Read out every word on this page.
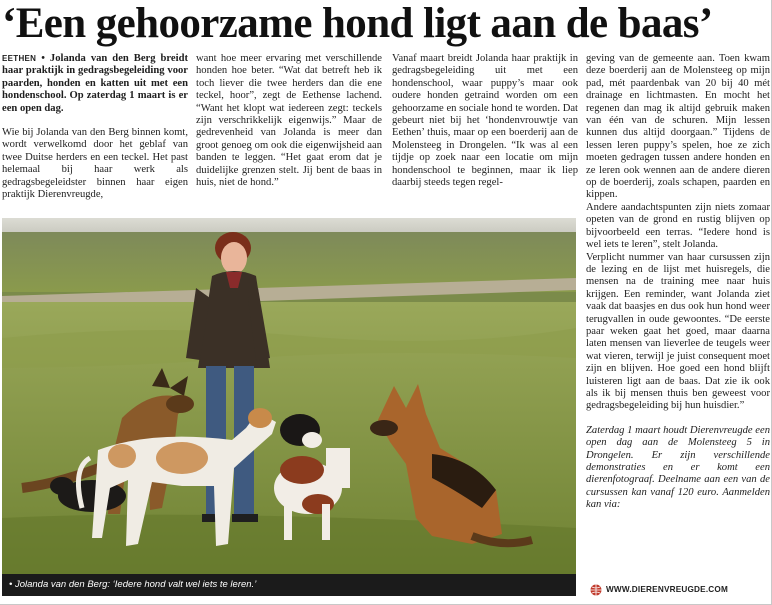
‘Een gehoorzame hond ligt aan de baas’

EETHEN • Jolanda van den Berg breidt haar praktijk in gedragsbegeleiding voor paarden, honden en katten uit met een hondenschool. Op zaterdag 1 maart is er een open dag.

Wie bij Jolanda van den Berg binnen komt, wordt verwelkomd door het geblaf van twee Duitse herders en een teckel. Het past helemaal bij haar werk als gedragsbegeleidster binnen haar eigen praktijk Dierenvreugde,

want hoe meer ervaring met verschillende honden hoe beter. “Wat dat betreft heb ik toch liever die twee herders dan die ene teckel, hoor”, zegt de Eethense lachend. “Want het klopt wat iedereen zegt: teckels zijn verschrikkelijk eigenwijs.” Maar de gedrevenheid van Jolanda is meer dan groot genoeg om ook die eigenwijsheid aan banden te leggen. “Het gaat erom dat je duidelijke grenzen stelt. Jij bent de baas in huis, niet de hond.”

Vanaf maart breidt Jolanda haar praktijk in gedragsbegeleiding uit met een hondenschool, waar puppy’s maar ook oudere honden getraind worden om een gehoorzame en sociale hond te worden. Dat gebeurt niet bij het ‘hondenvrouwtje van Eethen’ thuis, maar op een boerderij aan de Molensteeg in Drongelen. “Ik was al een tijdje op zoek naar een locatie om mijn hondenschool te beginnen, maar ik liep daarbij steeds tegen regel-

geving van de gemeente aan. Toen kwam deze boerderij aan de Molensteeg op mijn pad, mét paardenbak van 20 bij 40 mét drainage en lichtmasten. En mocht het regenen dan mag ik altijd gebruik maken van één van de schuren. Mijn lessen kunnen dus altijd doorgaan.” Tijdens de lessen leren puppy’s spelen, hoe ze zich moeten gedragen tussen andere honden en ze leren ook wennen aan de andere dieren op de boerderij, zoals schapen, paarden en kippen.

Andere aandachtspunten zijn niets zomaar opeten van de grond en rustig blijven op bijvoorbeeld een terras. “Iedere hond is wel iets te leren”, stelt Jolanda.

Verplicht nummer van haar cursussen zijn de lezing en de lijst met huisregels, die mensen na de training mee naar huis krijgen. Een reminder, want Jolanda ziet vaak dat baasjes en dus ook hun hond weer terugvallen in oude gewoontes. “De eerste paar weken gaat het goed, maar daarna laten mensen van lieverlee de teugels weer wat vieren, terwijl je juist consequent moet zijn en blijven. Hoe goed een hond blijft luisteren ligt aan de baas. Dat zie ik ook als ik bij mensen thuis ben geweest voor gedragsbegeleiding bij hun huisdier.”

Zaterdag 1 maart houdt Dierenvreugde een open dag aan de Molensteeg 5 in Drongelen. Er zijn verschillende demonstraties en er komt een dierenfotograaf. Deelname aan een van de cursussen kan vanaf 120 euro. Aanmelden kan via:

• Jolanda van den Berg: ‘Iedere hond valt wel iets te leren.’	WWW.DIERENVREUGDE.COM
